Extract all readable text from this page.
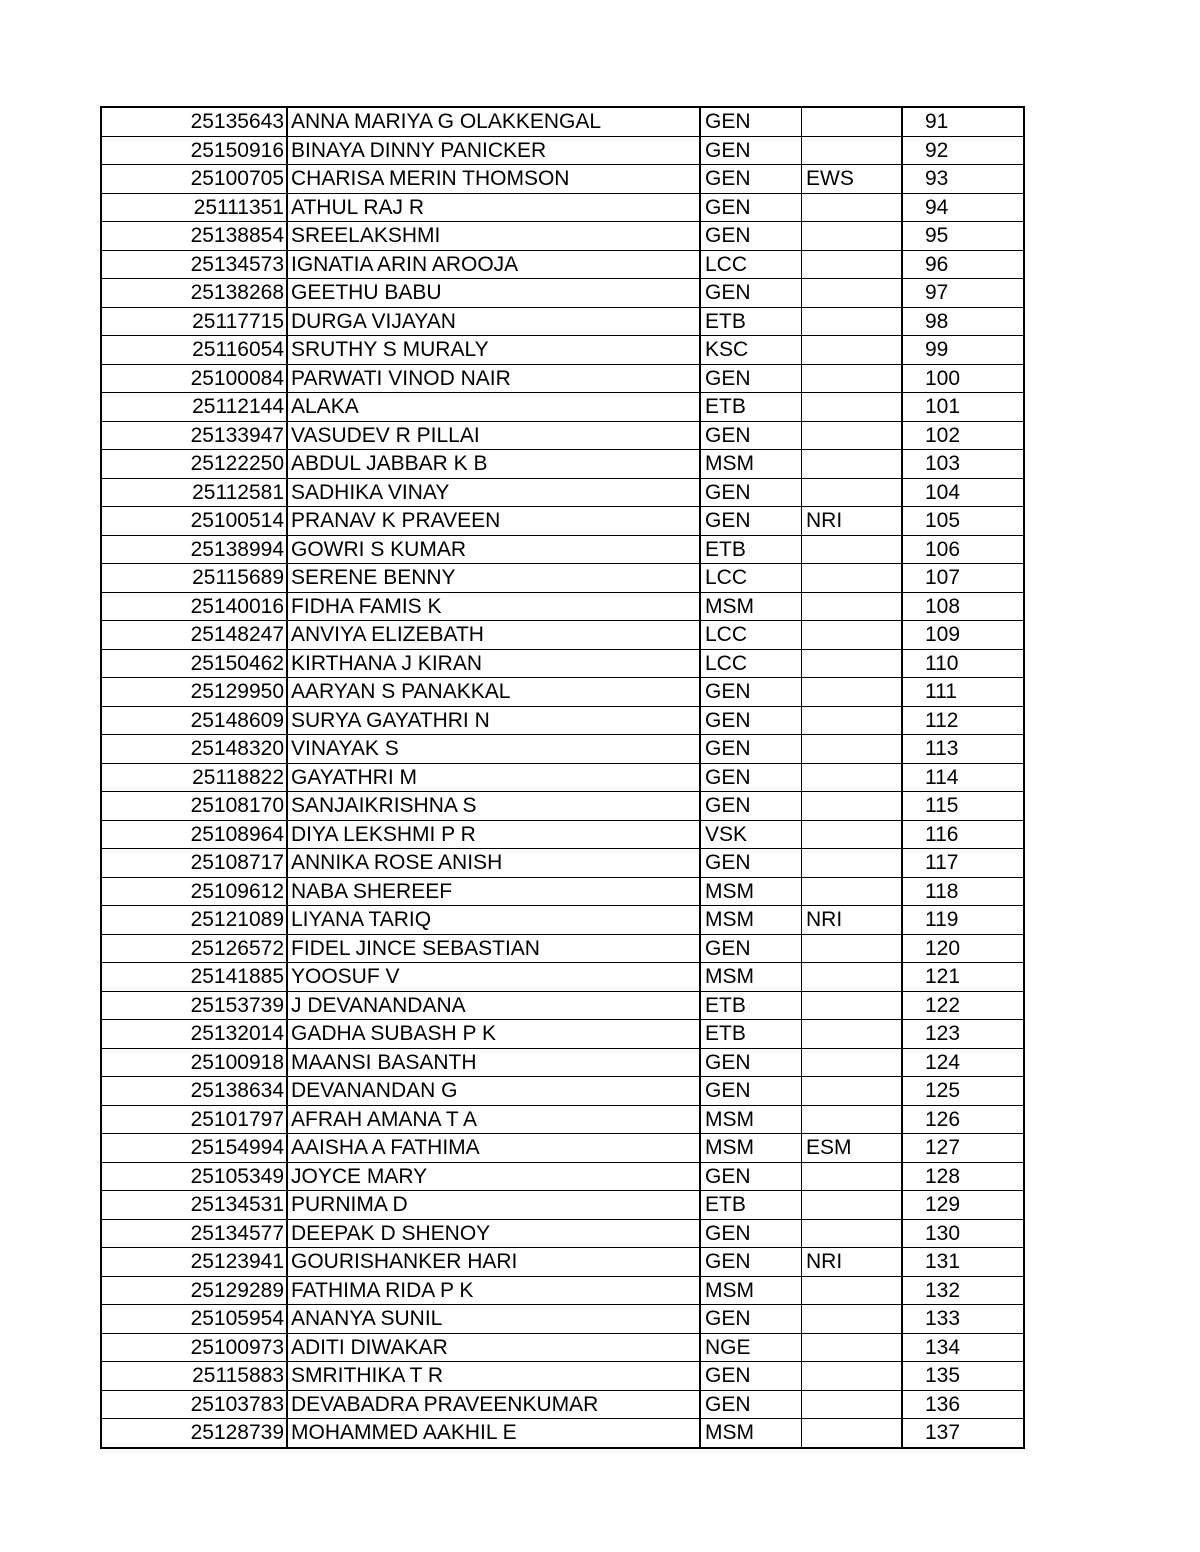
25135643	ANNA MARIYA G OLAKKENGAL	GEN		91
25150916	BINAYA DINNY PANICKER	GEN		92
25100705	CHARISA MERIN THOMSON	GEN	EWS	93
25111351	ATHUL RAJ R	GEN		94
25138854	SREELAKSHMI	GEN		95
25134573	IGNATIA ARIN AROOJA	LCC		96
25138268	GEETHU BABU	GEN		97
25117715	DURGA VIJAYAN	ETB		98
25116054	SRUTHY S MURALY	KSC		99
25100084	PARWATI VINOD NAIR	GEN		100
25112144	ALAKA	ETB		101
25133947	VASUDEV R PILLAI	GEN		102
25122250	ABDUL JABBAR K B	MSM		103
25112581	SADHIKA VINAY	GEN		104
25100514	PRANAV K PRAVEEN	GEN	NRI	105
25138994	GOWRI S KUMAR	ETB		106
25115689	SERENE BENNY	LCC		107
25140016	FIDHA FAMIS K	MSM		108
25148247	ANVIYA ELIZEBATH	LCC		109
25150462	KIRTHANA J KIRAN	LCC		110
25129950	AARYAN S PANAKKAL	GEN		111
25148609	SURYA GAYATHRI N	GEN		112
25148320	VINAYAK S	GEN		113
25118822	GAYATHRI M	GEN		114
25108170	SANJAIKRISHNA S	GEN		115
25108964	DIYA LEKSHMI P R	VSK		116
25108717	ANNIKA ROSE ANISH	GEN		117
25109612	NABA SHEREEF	MSM		118
25121089	LIYANA TARIQ	MSM	NRI	119
25126572	FIDEL JINCE SEBASTIAN	GEN		120
25141885	YOOSUF V	MSM		121
25153739	J DEVANANDANA	ETB		122
25132014	GADHA SUBASH P K	ETB		123
25100918	MAANSI BASANTH	GEN		124
25138634	DEVANANDAN G	GEN		125
25101797	AFRAH AMANA T A	MSM		126
25154994	AAISHA A FATHIMA	MSM	ESM	127
25105349	JOYCE MARY	GEN		128
25134531	PURNIMA D	ETB		129
25134577	DEEPAK D SHENOY	GEN		130
25123941	GOURISHANKER HARI	GEN	NRI	131
25129289	FATHIMA RIDA P K	MSM		132
25105954	ANANYA SUNIL	GEN		133
25100973	ADITI DIWAKAR	NGE		134
25115883	SMRITHIKA T R	GEN		135
25103783	DEVABADRA PRAVEENKUMAR	GEN		136
25128739	MOHAMMED AAKHIL E	MSM		137
